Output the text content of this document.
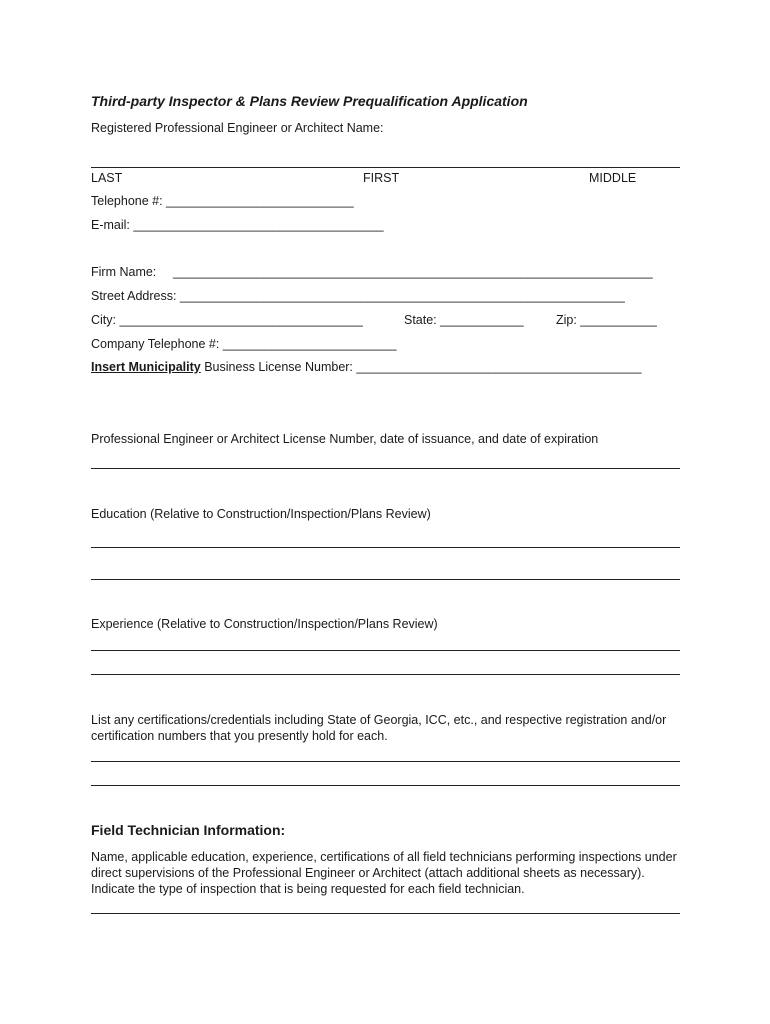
Third-party Inspector & Plans Review Prequalification Application
Registered Professional Engineer or Architect Name:
LAST	FIRST	MIDDLE
Telephone #: ___________________________
E-mail: ____________________________________
Firm Name: _____________________________________________________________________
Street Address: ________________________________________________________________
City: ___________________________________	State: ____________	Zip: ___________
Company Telephone #: _________________________
Insert Municipality Business License Number: _________________________________________
Professional Engineer or Architect License Number, date of issuance, and date of expiration
Education (Relative to Construction/Inspection/Plans Review)
Experience (Relative to Construction/Inspection/Plans Review)
List any certifications/credentials including State of Georgia, ICC, etc., and respective registration and/or certification numbers that you presently hold for each.
Field Technician Information:
Name, applicable education, experience, certifications of all field technicians performing inspections under direct supervisions of the Professional Engineer or Architect (attach additional sheets as necessary). Indicate the type of inspection that is being requested for each field technician.
